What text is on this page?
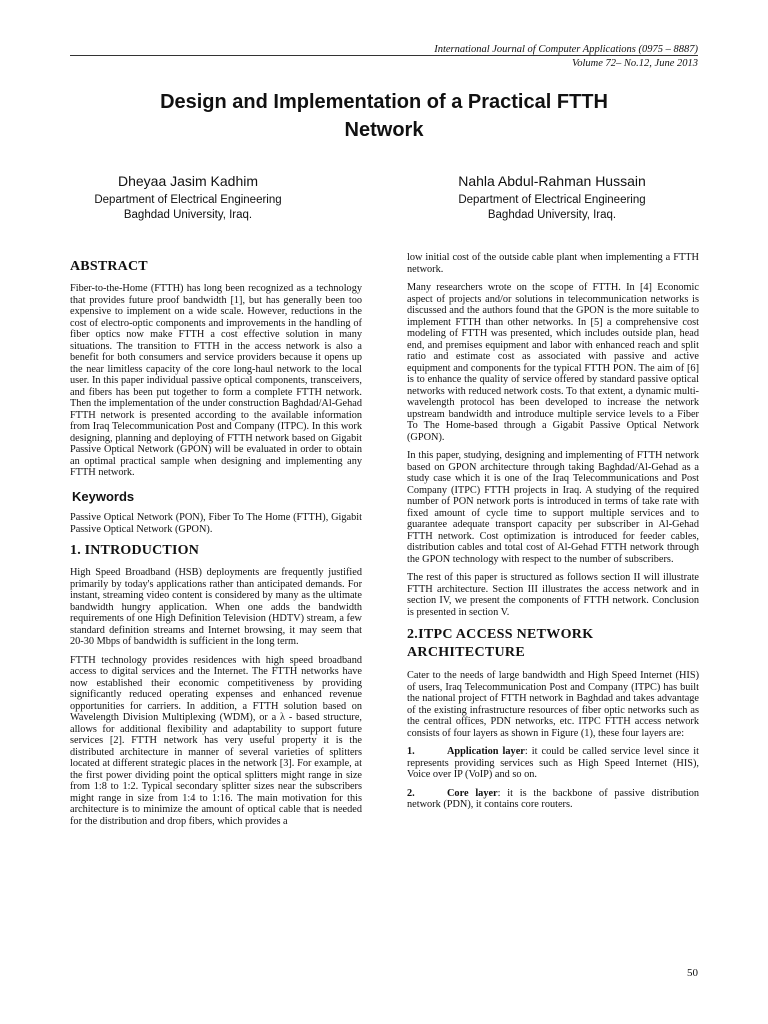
International Journal of Computer Applications (0975 – 8887)
Volume 72– No.12, June 2013
Design and Implementation of a Practical FTTH
Network
Dheyaa Jasim Kadhim
Department of Electrical Engineering
Baghdad University, Iraq.
Nahla Abdul-Rahman Hussain
Department of Electrical Engineering
Baghdad University, Iraq.
ABSTRACT

Fiber-to-the-Home (FTTH) has long been recognized as a technology that provides future proof bandwidth [1], but has generally been too expensive to implement on a wide scale. However, reductions in the cost of electro-optic components and improvements in the handling of fiber optics now make FTTH a cost effective solution in many situations. The transition to FTTH in the access network is also a benefit for both consumers and service providers because it opens up the near limitless capacity of the core long-haul network to the local user. In this paper individual passive optical components, transceivers, and fibers has been put together to form a complete FTTH network. Then the implementation of the under construction Baghdad/Al-Gehad FTTH network is presented according to the available information from Iraq Telecommunication Post and Company (ITPC). In this work designing, planning and deploying of FTTH network based on Gigabit Passive Optical Network (GPON) will be evaluated in order to obtain an optimal practical sample when designing and implementing any FTTH network.

Keywords

Passive Optical Network (PON), Fiber To The Home (FTTH), Gigabit Passive Optical Network (GPON).

1. INTRODUCTION

High Speed Broadband (HSB) deployments are frequently justified primarily by today's applications rather than anticipated demands. For instant, streaming video content is considered by many as the ultimate bandwidth hungry application. When one adds the bandwidth requirements of one High Definition Television (HDTV) stream, a few standard definition streams and Internet browsing, it may seem that 20-30 Mbps of bandwidth is sufficient in the long term.

FTTH technology provides residences with high speed broadband access to digital services and the Internet. The FTTH networks have now established their economic competitiveness by providing significantly reduced operating expenses and enhanced revenue opportunities for carriers. In addition, a FTTH solution based on Wavelength Division Multiplexing (WDM), or a λ - based structure, allows for additional flexibility and adaptability to support future services [2]. FTTH network has very useful property it is the distributed architecture in manner of several varieties of splitters located at different strategic places in the network [3]. For example, at the first power dividing point the optical splitters might range in size from 1:8 to 1:2. Typical secondary splitter sizes near the subscribers might range in size from 1:4 to 1:16. The main motivation for this architecture is to minimize the amount of optical cable that is needed for the distribution and drop fibers, which provides a

low initial cost of the outside cable plant when implementing a FTTH network.

Many researchers wrote on the scope of FTTH. In [4] Economic aspect of projects and/or solutions in telecommunication networks is discussed and the authors found that the GPON is the more suitable to implement FTTH than other networks. In [5] a comprehensive cost modeling of FTTH was presented, which includes outside plan, head end, and premises equipment and labor with enhanced reach and split ratio and estimate cost as associated with passive and active equipment and components for the typical FTTH PON. The aim of [6] is to enhance the quality of service offered by standard passive optical networks with reduced network costs. To that extent, a dynamic multi-wavelength protocol has been developed to increase the network upstream bandwidth and introduce multiple service levels to a Fiber To The Home-based through a Gigabit Passive Optical Network (GPON).

In this paper, studying, designing and implementing of FTTH network based on GPON architecture through taking Baghdad/Al-Gehad as a study case which it is one of the Iraq Telecommunications and Post Company (ITPC) FTTH projects in Iraq. A studying of the required number of PON network ports is introduced in terms of take rate with fixed amount of cycle time to support multiple services and to guarantee adequate transport capacity per subscriber in Al-Gehad FTTH network. Cost optimization is introduced for feeder cables, distribution cables and total cost of Al-Gehad FTTH network through the GPON technology with respect to the number of subscribers.

The rest of this paper is structured as follows section II will illustrate FTTH architecture. Section III illustrates the access network and in section IV, we present the components of FTTH network. Conclusion is presented in section V.

2.ITPC ACCESS NETWORK
ARCHITECTURE

Cater to the needs of large bandwidth and High Speed Internet (HIS) of users, Iraq Telecommunication Post and Company (ITPC) has built the national project of FTTH network in Baghdad and takes advantage of the existing infrastructure resources of fiber optic networks such as the central offices, PDN networks, etc. ITPC FTTH access network consists of four layers as shown in Figure (1), these four layers are:

1.	Application layer: it could be called service level since it represents providing services such as High Speed Internet (HIS), Voice over IP (VoIP) and so on.
2.	Core layer: it is the backbone of passive distribution network (PDN), it contains core routers.
50
